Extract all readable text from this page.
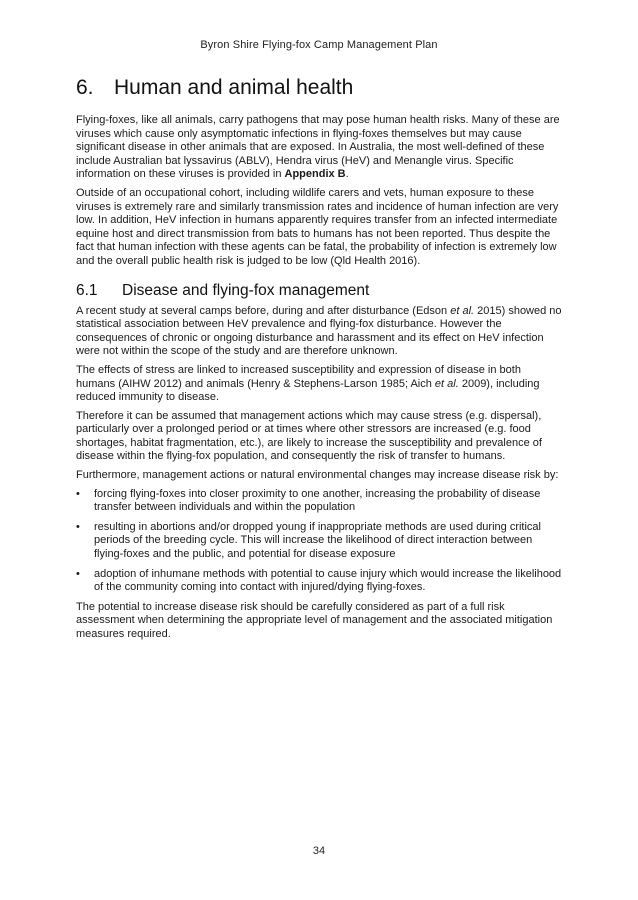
Byron Shire Flying-fox Camp Management Plan
6. Human and animal health

Flying-foxes, like all animals, carry pathogens that may pose human health risks. Many of these are viruses which cause only asymptomatic infections in flying-foxes themselves but may cause significant disease in other animals that are exposed. In Australia, the most well-defined of these include Australian bat lyssavirus (ABLV), Hendra virus (HeV) and Menangle virus. Specific information on these viruses is provided in Appendix B.

Outside of an occupational cohort, including wildlife carers and vets, human exposure to these viruses is extremely rare and similarly transmission rates and incidence of human infection are very low. In addition, HeV infection in humans apparently requires transfer from an infected intermediate equine host and direct transmission from bats to humans has not been reported. Thus despite the fact that human infection with these agents can be fatal, the probability of infection is extremely low and the overall public health risk is judged to be low (Qld Health 2016).

6.1	Disease and flying-fox management

A recent study at several camps before, during and after disturbance (Edson et al. 2015) showed no statistical association between HeV prevalence and flying-fox disturbance. However the consequences of chronic or ongoing disturbance and harassment and its effect on HeV infection were not within the scope of the study and are therefore unknown.

The effects of stress are linked to increased susceptibility and expression of disease in both humans (AIHW 2012) and animals (Henry & Stephens-Larson 1985; Aich et al. 2009), including reduced immunity to disease.

Therefore it can be assumed that management actions which may cause stress (e.g. dispersal), particularly over a prolonged period or at times where other stressors are increased (e.g. food shortages, habitat fragmentation, etc.), are likely to increase the susceptibility and prevalence of disease within the flying-fox population, and consequently the risk of transfer to humans.

Furthermore, management actions or natural environmental changes may increase disease risk by:

•	forcing flying-foxes into closer proximity to one another, increasing the probability of disease transfer between individuals and within the population
•	resulting in abortions and/or dropped young if inappropriate methods are used during critical periods of the breeding cycle. This will increase the likelihood of direct interaction between flying-foxes and the public, and potential for disease exposure
•	adoption of inhumane methods with potential to cause injury which would increase the likelihood of the community coming into contact with injured/dying flying-foxes.

The potential to increase disease risk should be carefully considered as part of a full risk assessment when determining the appropriate level of management and the associated mitigation measures required.

34
